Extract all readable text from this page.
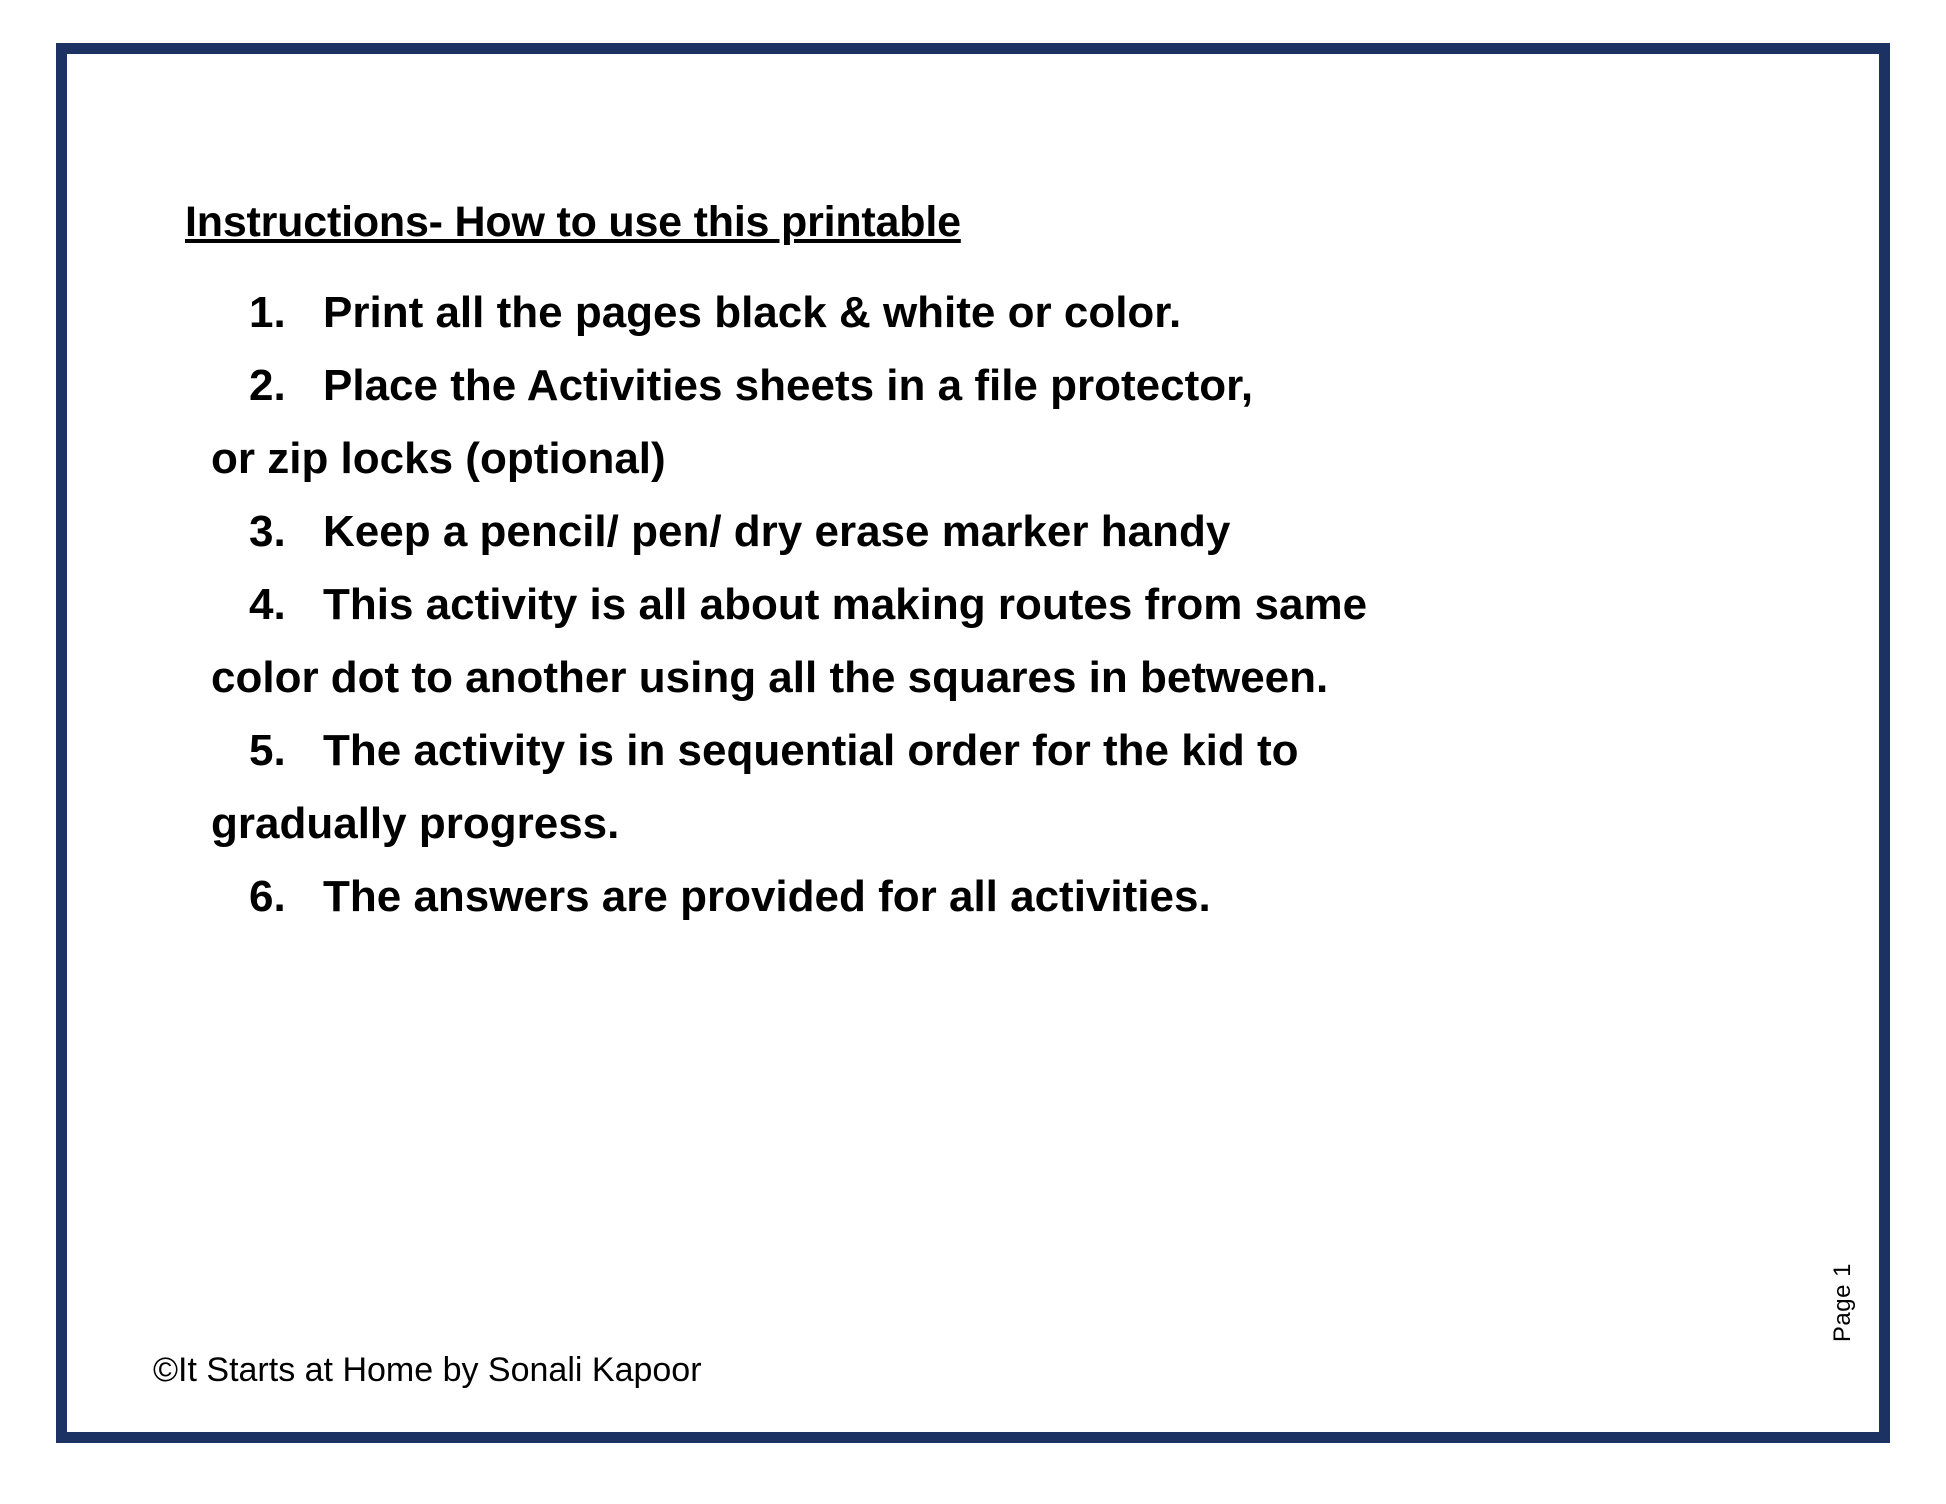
Instructions- How to use this printable
1. Print all the pages black & white or color.
2. Place the Activities sheets in a file protector,
or zip locks (optional)
3. Keep a pencil/ pen/ dry erase marker handy
4. This activity is all about making routes from same
color dot to another using all the squares in between.
5. The activity is in sequential order for the kid to
gradually progress.
6. The answers are provided for all activities.
©It Starts at Home by Sonali Kapoor
Page 1
